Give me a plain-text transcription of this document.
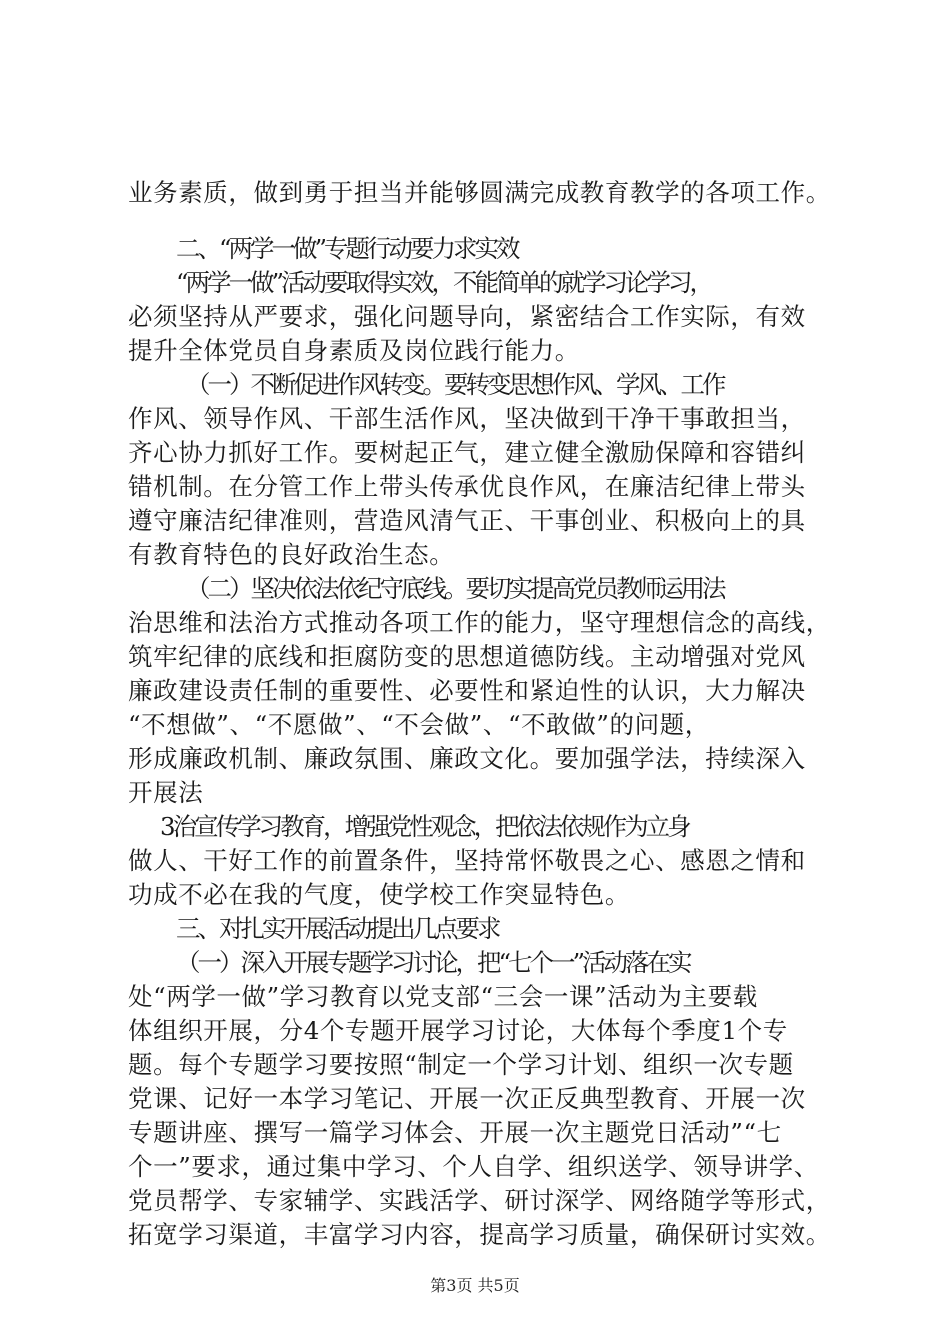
业务素质，做到勇于担当并能够圆满完成教育教学的各项工作。
二、“两学一做”专题行动要力求实效
“两学一做”活动要取得实效，不能简单的就学习论学习，
必须坚持从严要求，强化问题导向，紧密结合工作实际，有效
提升全体党员自身素质及岗位践行能力。
（一）不断促进作风转变。要转变思想作风、学风、工作
作风、领导作风、干部生活作风，坚决做到干净干事敢担当，
齐心协力抓好工作。要树起正气，建立健全激励保障和容错纠
错机制。在分管工作上带头传承优良作风，在廉洁纪律上带头
遵守廉洁纪律准则，营造风清气正、干事创业、积极向上的具
有教育特色的良好政治生态。
（二）坚决依法依纪守底线。要切实提高党员教师运用法
治思维和法治方式推动各项工作的能力，坚守理想信念的高线，
筑牢纪律的底线和拒腐防变的思想道德防线。主动增强对党风
廉政建设责任制的重要性、必要性和紧迫性的认识，大力解决
“不想做”、“不愿做”、“不会做”、“不敢做”的问题，
形成廉政机制、廉政氛围、廉政文化。要加强学法，持续深入
开展法
3治宣传学习教育，增强党性观念，把依法依规作为立身
做人、干好工作的前置条件，坚持常怀敬畏之心、感恩之情和
功成不必在我的气度，使学校工作突显特色。
三、对扎实开展活动提出几点要求
（一）深入开展专题学习讨论，把“七个一”活动落在实
处“两学一做”学习教育以党支部“三会一课”活动为主要载
体组织开展，分4个专题开展学习讨论，大体每个季度1个专
题。每个专题学习要按照“制定一个学习计划、组织一次专题
党课、记好一本学习笔记、开展一次正反典型教育、开展一次
专题讲座、撰写一篇学习体会、开展一次主题党日活动”“七
个一”要求，通过集中学习、个人自学、组织送学、领导讲学、
党员帮学、专家辅学、实践活学、研讨深学、网络随学等形式，
拓宽学习渠道，丰富学习内容，提高学习质量，确保研讨实效。
第3页 共5页
